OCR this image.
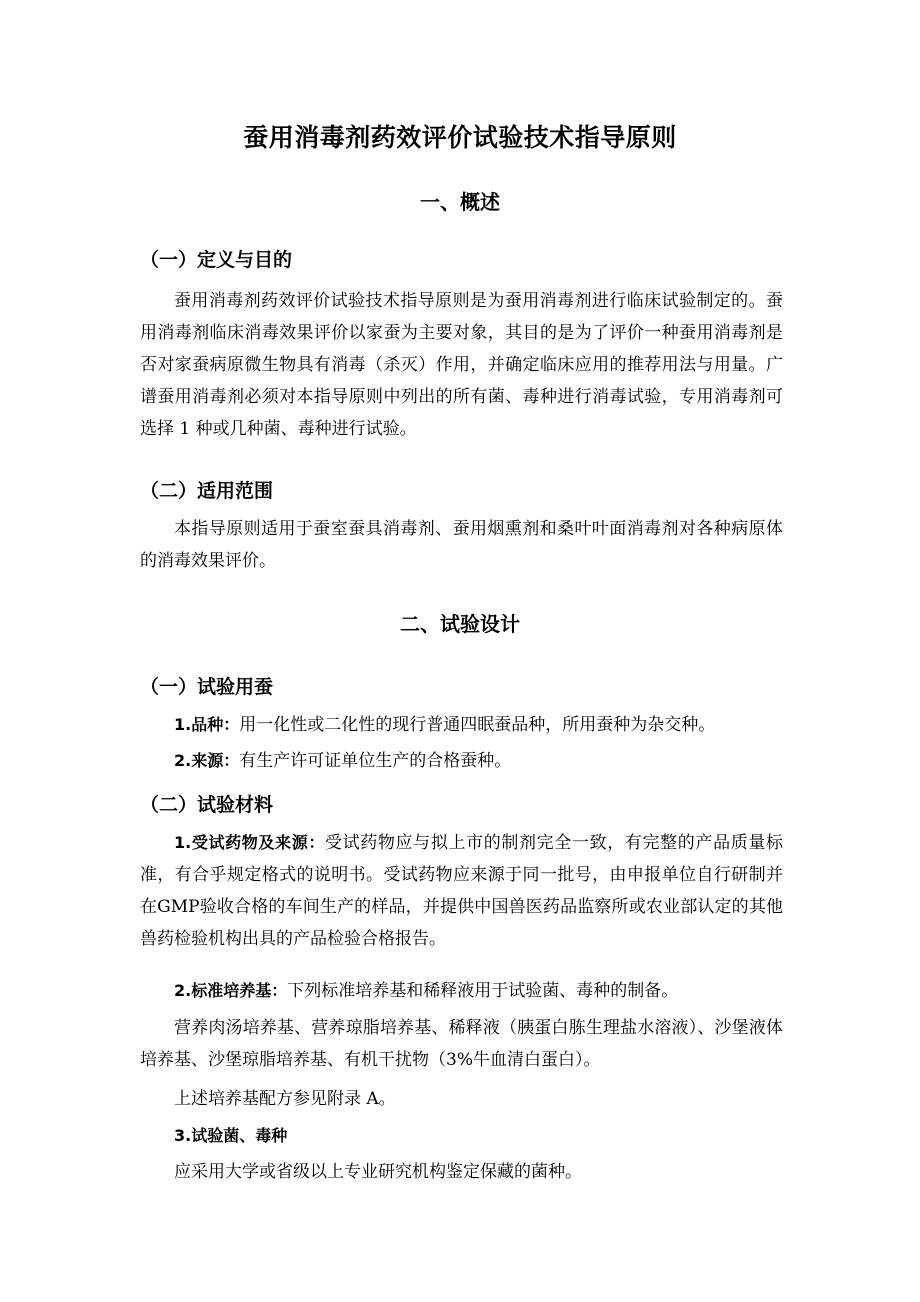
蚕用消毒剂药效评价试验技术指导原则
一、概述
（一）定义与目的

蚕用消毒剂药效评价试验技术指导原则是为蚕用消毒剂进行临床试验制定的。蚕用消毒剂临床消毒效果评价以家蚕为主要对象，其目的是为了评价一种蚕用消毒剂是否对家蚕病原微生物具有消毒（杀灭）作用，并确定临床应用的推荐用法与用量。广谱蚕用消毒剂必须对本指导原则中列出的所有菌、毒种进行消毒试验，专用消毒剂可选择 1 种或几种菌、毒种进行试验。

（二）适用范围

本指导原则适用于蚕室蚕具消毒剂、蚕用烟熏剂和桑叶叶面消毒剂对各种病原体的消毒效果评价。

二、试验设计
（一）试验用蚕

1.品种：用一化性或二化性的现行普通四眠蚕品种，所用蚕种为杂交种。

2.来源：有生产许可证单位生产的合格蚕种。

（二）试验材料

1.受试药物及来源：受试药物应与拟上市的制剂完全一致，有完整的产品质量标准，有合乎规定格式的说明书。受试药物应来源于同一批号，由申报单位自行研制并在GMP验收合格的车间生产的样品，并提供中国兽医药品监察所或农业部认定的其他兽药检验机构出具的产品检验合格报告。

2.标准培养基：下列标准培养基和稀释液用于试验菌、毒种的制备。

营养肉汤培养基、营养琼脂培养基、稀释液（胰蛋白胨生理盐水溶液）、沙堡液体培养基、沙堡琼脂培养基、有机干扰物（3%牛血清白蛋白）。

上述培养基配方参见附录 A。

3.试验菌、毒种

应采用大学或省级以上专业研究机构鉴定保藏的菌种。
